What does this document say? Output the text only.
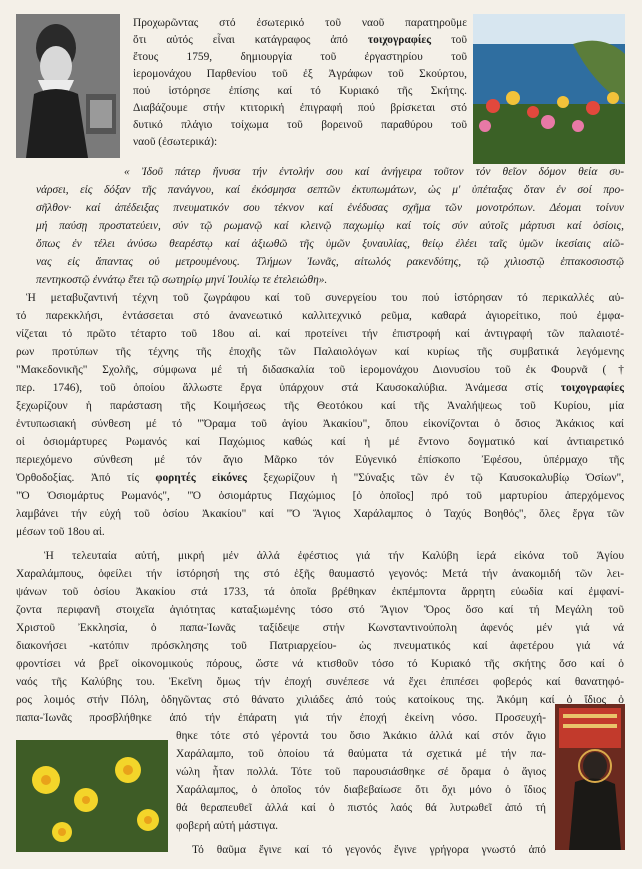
Προχωρῶντας στό ἐσωτερικό τοῦ ναοῦ παρατηροῦμε
ὅτι αὐτός εἶναι κατάγραφος ἀπό τοιχογραφίες τοῦ
ἔτους 1759, δημιουργία τοῦ ἐργαστηρίου τοῦ
ἱερομονάχου Παρθενίου τοῦ ἐξ Ἀγράφων τοῦ Σκούρτου,
πού ἱστόρησε ἐπίσης καί τό Κυριακό τῆς Σκήτης.
Διαβάζουμε στήν κτιτορική ἐπιγραφή πού βρίσκεται στό
δυτικό πλάγιο τοίχωμα τοῦ βορεινοῦ παραθύρου τοῦ
ναοῦ (ἐσωτερικά):
« Ἰδοῦ πάτερ ἤνυσα τήν ἐντολήν σου καί ἀνήγειρα τοῦτον τόν θεῖον δόμον θεία συ-
νάρσει, εἰς δόξαν τῆς πανάγνου, καί ἐκόσμησα σεπτῶν ἐκτυπωμάτων, ὡς μ' ὑπέταξας ὅταν ἐν σοί προ-
σῆλθον· καί ἀπέδειξας πνευματικόν σου τέκνον καί ἐνέδυσας σχῆμα τῶν μονοτρόπων. Δέομαι τοίνυν
μή παύσῃ προστατεύειν, σύν τῷ ρωμανῷ καί κλεινῷ παχωμίῳ καί τοίς σύν αὐτοῖς μάρτυσι καί ὁσίοις,
ὅπως ἐν τέλει ἀνύσω θεαρέστῳ καί ἀξιωθῶ τῆς ὑμῶν ξυναυλίας, θείῳ ἐλέει ταῖς ὑμῶν ἱκεσίαις αἰῶ-
νας εἰς ἅπαντας οὐ μετρουμένους. Τλήμων Ἰωνᾶς, αἰτωλός ρακενδύτης, τῷ χιλιοστῷ ἑπτακοσιοστῷ
πεντηκοστῷ ἐννάτῳ ἔτει τῷ σωτηρίῳ μηνί Ἰουλίῳ τε ἐτελειώθη».
Ἡ μεταβυζαντινή τέχνη τοῦ ζωγράφου καί τοῦ συνεργείου του πού ἱστόρησαν τό περικαλλές αὐ-
τό παρεκκλήσι, ἐντάσσεται στό ἀνανεωτικό καλλιτεχνικό ρεῦμα, καθαρά ἁγιορείτικο, πού ἐμφα-
νίζεται τό πρῶτο τέταρτο τοῦ 18ου αἰ. καί προτείνει τήν ἐπιστροφή καί ἀντιγραφή τῶν παλαιοτέ-
ρων προτύπων τῆς τέχνης τῆς ἐποχῆς τῶν Παλαιολόγων καί κυρίως τῆς συμβατικά λεγόμενης
"Μακεδονικῆς" Σχολῆς, σύμφωνα μέ τή διδασκαλία τοῦ ἱερομονάχου Διονυσίου τοῦ ἐκ Φουρνᾶ (†
περ. 1746), τοῦ ὁποίου ἄλλωστε ἔργα ὑπάρχουν στά Καυσοκαλύβια. Ἀνάμεσα στίς τοιχογραφίες
ξεχωρίζουν ἡ παράσταση τῆς Κοιμήσεως τῆς Θεοτόκου καί τῆς Ἀναλήψεως τοῦ Κυρίου, μία
ἐντυπωσιακή σύνθεση μέ τό "Ὅραμα τοῦ ἁγίου Ἀκακίου", ὅπου εἰκονίζονται ὁ ὅσιος Ἀκάκιος καί
οἱ ὁσιομάρτυρες Ρωμανός καί Παχώμιος καθώς καί ἡ μέ ἔντονο δογματικό καί ἀντιαιρετικό
περιεχόμενο σύνθεση μέ τόν ἅγιο Μᾶρκο τόν Εὐγενικό ἐπίσκοπο Ἐφέσου, ὑπέρμαχο τῆς
Ὀρθοδοξίας. Ἀπό τίς φορητές εἰκόνες ξεχωρίζουν ἡ "Σύναξις τῶν ἐν τῷ Καυσοκαλυβίῳ Ὁσίων",
"Ὁ Ὁσιομάρτυς Ρωμανός", "Ὁ ὁσιομάρτυς Παχώμιος [ὁ ὁποῖος] πρό τοῦ μαρτυρίου ἀπερχόμενος
λαμβάνει τήν εὐχή τοῦ ὁσίου Ἀκακίου" καί "Ὁ Ἅγιος Χαράλαμπος ὁ Ταχύς Βοηθός", ὅλες ἔργα τῶν
μέσων τοῦ 18ου αἰ.
Ἡ τελευταία αὐτή, μικρή μέν ἀλλά ἐφέστιος γιά τήν Καλύβη ἱερά εἰκόνα τοῦ Ἁγίου
Χαραλάμπους, ὀφείλει τήν ἱστόρησή της στό ἑξῆς θαυμαστό γεγονός: Μετά τήν ἀνακομιδή τῶν λει-
ψάνων τοῦ ὁσίου Ἀκακίου στά 1733, τά ὁποῖα βρέθηκαν ἐκπέμποντα ἄρρητη εὐωδία καί ἐμφανί-
ζοντα περιφανῆ στοιχεῖα ἁγιότητας καταξιωμένης τόσο στό Ἅγιον Ὄρος ὅσο καί τή Μεγάλη τοῦ
Χριστοῦ Ἐκκλησία, ὁ παπα-Ἰωνᾶς ταξίδεψε στήν Κωνσταντινούπολη ἀφενός μέν γιά νά
διακονήσει -κατόπιν πρόσκλησης τοῦ Πατριαρχείου- ὡς πνευματικός καί ἀφετέρου γιά νά
φροντίσει νά βρεῖ οἰκονομικούς πόρους, ὥστε νά κτισθοῦν τόσο τό Κυριακό τῆς σκήτης ὅσο καί ὁ
ναός τῆς Καλύβης του. Ἐκεῖνη ὅμως τήν ἐποχή συνέπεσε νά ἔχει ἐπιπέσει φοβερός καί θανατηφό-
ρος λοιμός στήν Πόλη, ὁδηγῶντας στό θάνατο χιλιάδες ἀπό τούς κατοίκους της. Ἀκόμη καί ὁ ἴδιος ὁ
παπα-Ἰωνᾶς προσβλήθηκε ἀπό τήν ἐπάρατη γιά τήν ἐποχή ἐκείνη νόσο. Προσευχή-
θηκε τότε στό γέροντά του ὅσιο Ἀκάκιο ἀλλά καί στόν ἅγιο
Χαράλαμπο, τοῦ ὁποίου τά θαύματα τά σχετικά μέ τήν πα-
νώλη ἦταν πολλά. Τότε τοῦ παρουσιάσθηκε σέ ὅραμα ὁ ἅγιος
Χαράλαμπος, ὁ ὁποῖος τόν διαβεβαίωσε ὅτι ὄχι μόνο ὁ ἴδιος
θά θεραπευθεῖ ἀλλά καί ὁ πιστός λαός θά λυτρωθεῖ ἀπό τή
φοβερή αὐτή μάστιγα.
Τό θαῦμα ἔγινε καί τό γεγονός ἔγινε γρήγορα γνωστό ἀπό
